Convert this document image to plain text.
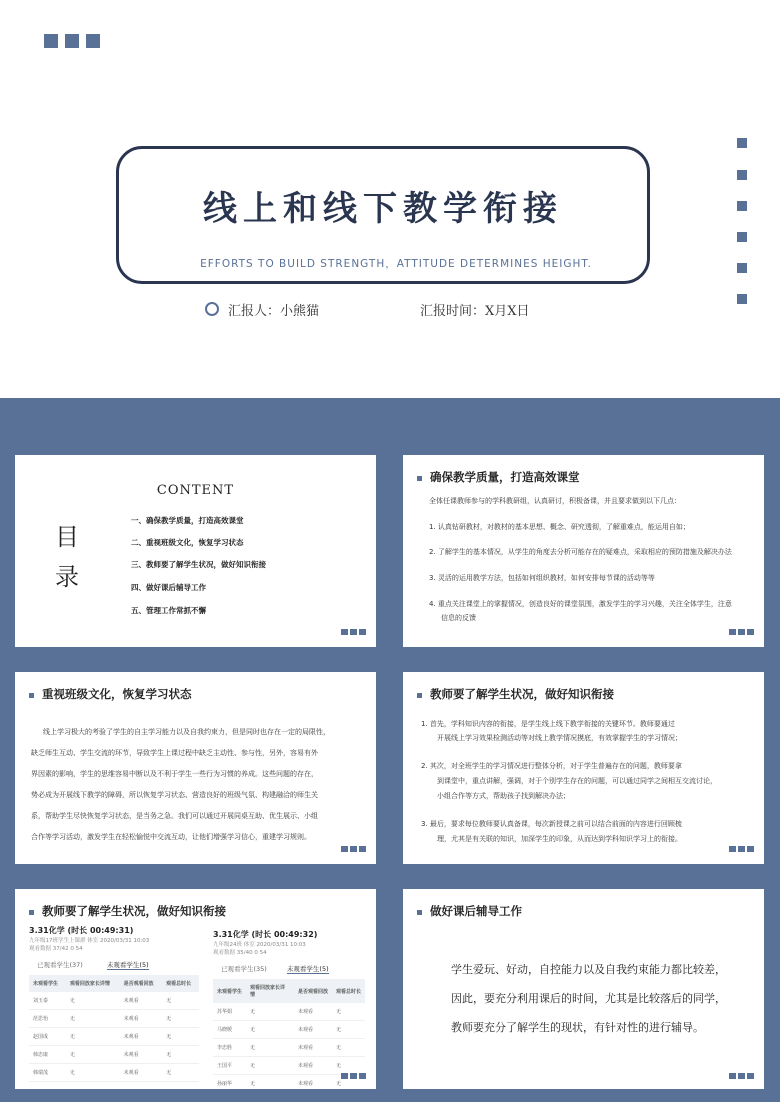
线上和线下教学衔接
EFFORTS TO BUILD STRENGTH，ATTITUDE DETERMINES HEIGHT.
汇报人：小熊猫	汇报时间：X月X日
CONTENT
目录
一、确保教学质量，打造高效课堂
二、重视班级文化，恢复学习状态
三、教师要了解学生状况，做好知识衔接
四、做好课后辅导工作
五、管理工作常抓不懈
确保教学质量，打造高效课堂
全体任课教师参与的学科教研组，认真研讨，积极备课，并且要求做到以下几点：
1. 认真钻研教材，对教材的基本思想、概念、研究透彻，了解重难点，能运用自如；
2. 了解学生的基本情况，从学生的角度去分析可能存在的疑难点，采取相应的预防措施及解决办法
3. 灵活的运用教学方法，包括如何组织教材，如何安排每节课的活动等等
4. 重点关注课堂上的掌握情况，创造良好的课堂氛围，激发学生的学习兴趣，关注全体学生，注意
信息的反馈
重视班级文化，恢复学习状态
线上学习极大的考验了学生的自主学习能力以及自我约束力，但是同时也存在一定的局限性，
缺乏师生互动、学生交流的环节，导致学生上课过程中缺乏主动性、参与性，另外，容易有外
界因素的影响，学生的思维容易中断以及不利于学生一些行为习惯的养成。这些问题的存在，
势必成为开展线下教学的障碍，所以恢复学习状态、营造良好的班级气氛、构建融洽的师生关
系，帮助学生尽快恢复学习状态，是当务之急。我们可以通过开展同桌互助、优生展示、小组
合作等学习活动，激发学生在轻松愉悦中交流互动，让他们增强学习信心，重建学习规则。
教师要了解学生状况，做好知识衔接
1. 首先，学科知识内容的衔接，是学生线上线下教学衔接的关键环节。教师要通过
开展线上学习效果检测活动等对线上教学情况摸底，有效掌握学生的学习情况；
2. 其次，对全班学生的学习情况进行整体分析，对于学生普遍存在的问题，教师要拿
到课堂中，重点讲解，强调，对于个别学生存在的问题，可以通过同学之间相互交流讨论，
小组合作等方式，帮助孩子找到解决办法；
3. 最后，要求每位教师要认真备课，每次新授课之前可以结合前面的内容进行回顾梳
理，尤其是有关联的知识，加深学生的印象，从而达到学科知识学习上的衔接。
教师要了解学生状况，做好知识衔接
3.31化学 (时长 00:49:31)
九年级17班学生上课群 体室 2020/03/31 10:03
观看数据 37/42 0 54
已观看学生(37)	未观看学生(5)
未观看学生	观看回放家长详情	是否观看回放	观看总时长
刘玉泰	无	未观看	无
范思怡	无	未观看	无
赵国成	无	未观看	无
韩忠康	无	未观看	无
韩瑞茂	无	未观看	无
3.31化学 (时长 00:49:32)
九年级24班 体室 2020/03/31 10:03
观看数据 35/40 0 54
已观看学生(35)	未观看学生(5)
未观看学生	观看回放家长详情	是否观看回放	观看总时长
苏华娟	无	未观看	无
马晓媛	无	未观看	无
李忠胜	无	未观看	无
王国平	无	未观看	无
孙丽华	无	未观看	无
做好课后辅导工作
学生爱玩、好动，自控能力以及自我约束能力都比较差，
因此，要充分利用课后的时间，尤其是比较落后的同学，
教师要充分了解学生的现状，有针对性的进行辅导。
